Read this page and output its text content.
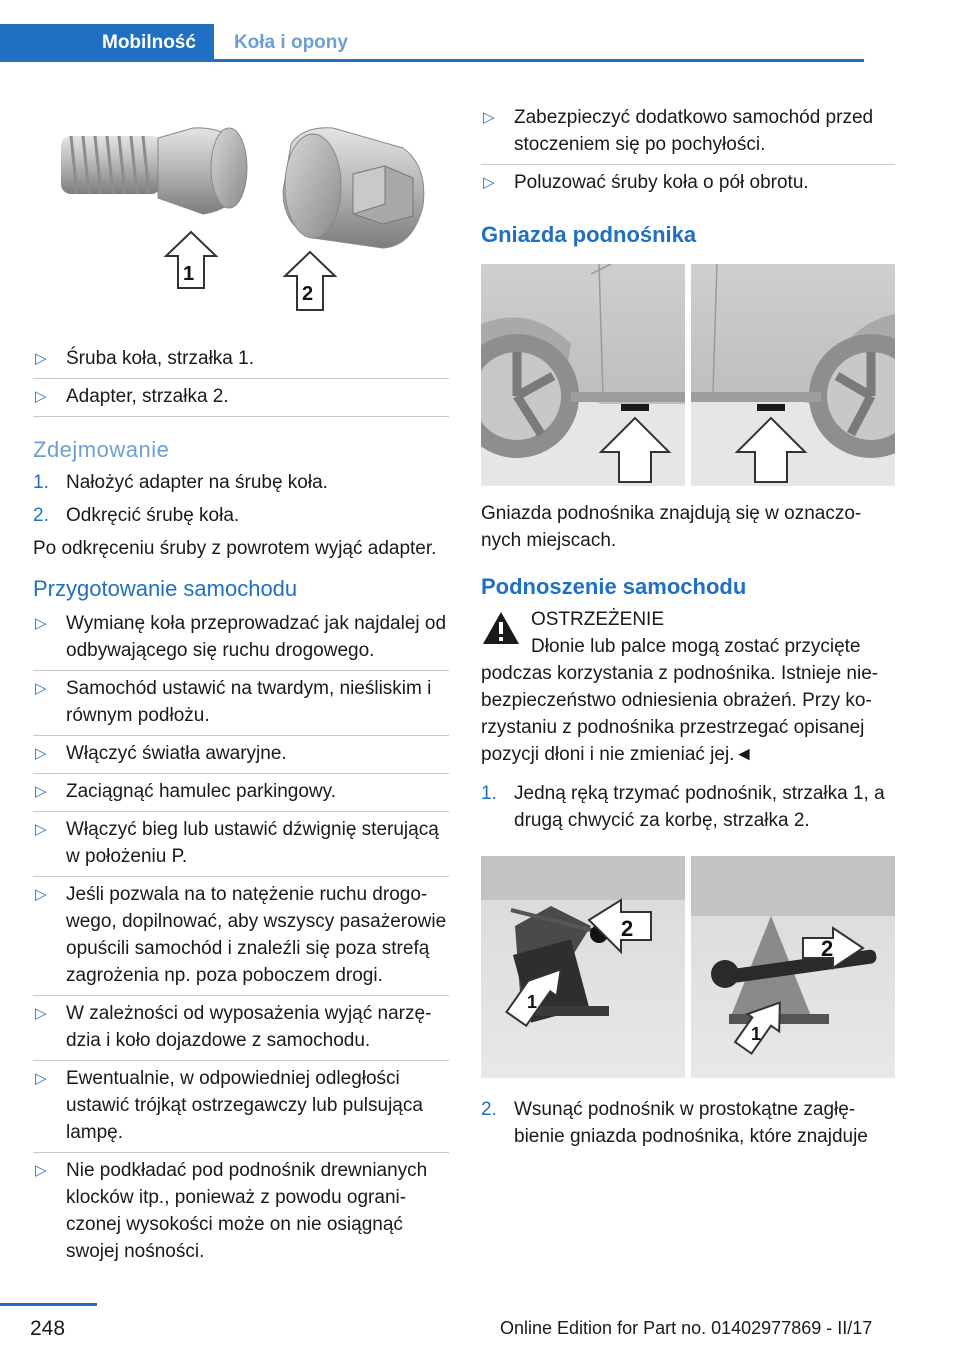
Mobilność	Koła i opony
1
2
▷ Śruba koła, strzałka 1.
▷ Adapter, strzałka 2.
Zdejmowanie
1. Nałożyć adapter na śrubę koła.
2. Odkręcić śrubę koła.

Po odkręceniu śruby z powrotem wyjąć adapter.

Przygotowanie samochodu
▷ Wymianę koła przeprowadzać jak najdalej od odbywającego się ruchu drogowego.
▷ Samochód ustawić na twardym, nieśliskim i równym podłożu.
▷ Włączyć światła awaryjne.
▷ Zaciągnąć hamulec parkingowy.
▷ Włączyć bieg lub ustawić dźwignię sterującą w położeniu P.
▷ Jeśli pozwala na to natężenie ruchu drogowego, dopilnować, aby wszyscy pasażerowie opuścili samochód i znaleźli się poza strefą zagrożenia np. poza poboczem drogi.
▷ W zależności od wyposażenia wyjąć narzędzia i koło dojazdowe z samochodu.
▷ Ewentualnie, w odpowiedniej odległości ustawić trójkąt ostrzegawczy lub pulsująca lampę.
▷ Nie podkładać pod podnośnik drewnianych klocków itp., ponieważ z powodu ograniczonej wysokości może on nie osiągnąć swojej nośności.
▷ Zabezpieczyć dodatkowo samochód przed stoczeniem się po pochyłości.
▷ Poluzować śruby koła o pół obrotu.
Gniazda podnośnika

Gniazda podnośnika znajdują się w oznaczonych miejscach.

Podnoszenie samochodu
OSTRZEŻENIE

Dłonie lub palce mogą zostać przycięte podczas korzystania z podnośnika. Istnieje niebezpieczeństwo odniesienia obrażeń. Przy korzystaniu z podnośnika przestrzegać opisanej pozycji dłoni i nie zmieniać jej.◄

1. Jedną ręką trzymać podnośnik, strzałka 1, a drugą chwycić za korbę, strzałka 2.
2
1
2
1
2. Wsunąć podnośnik w prostokątne zagłębienie gniazda podnośnika, które znajduje
248	Online Edition for Part no. 01402977869 - II/17
